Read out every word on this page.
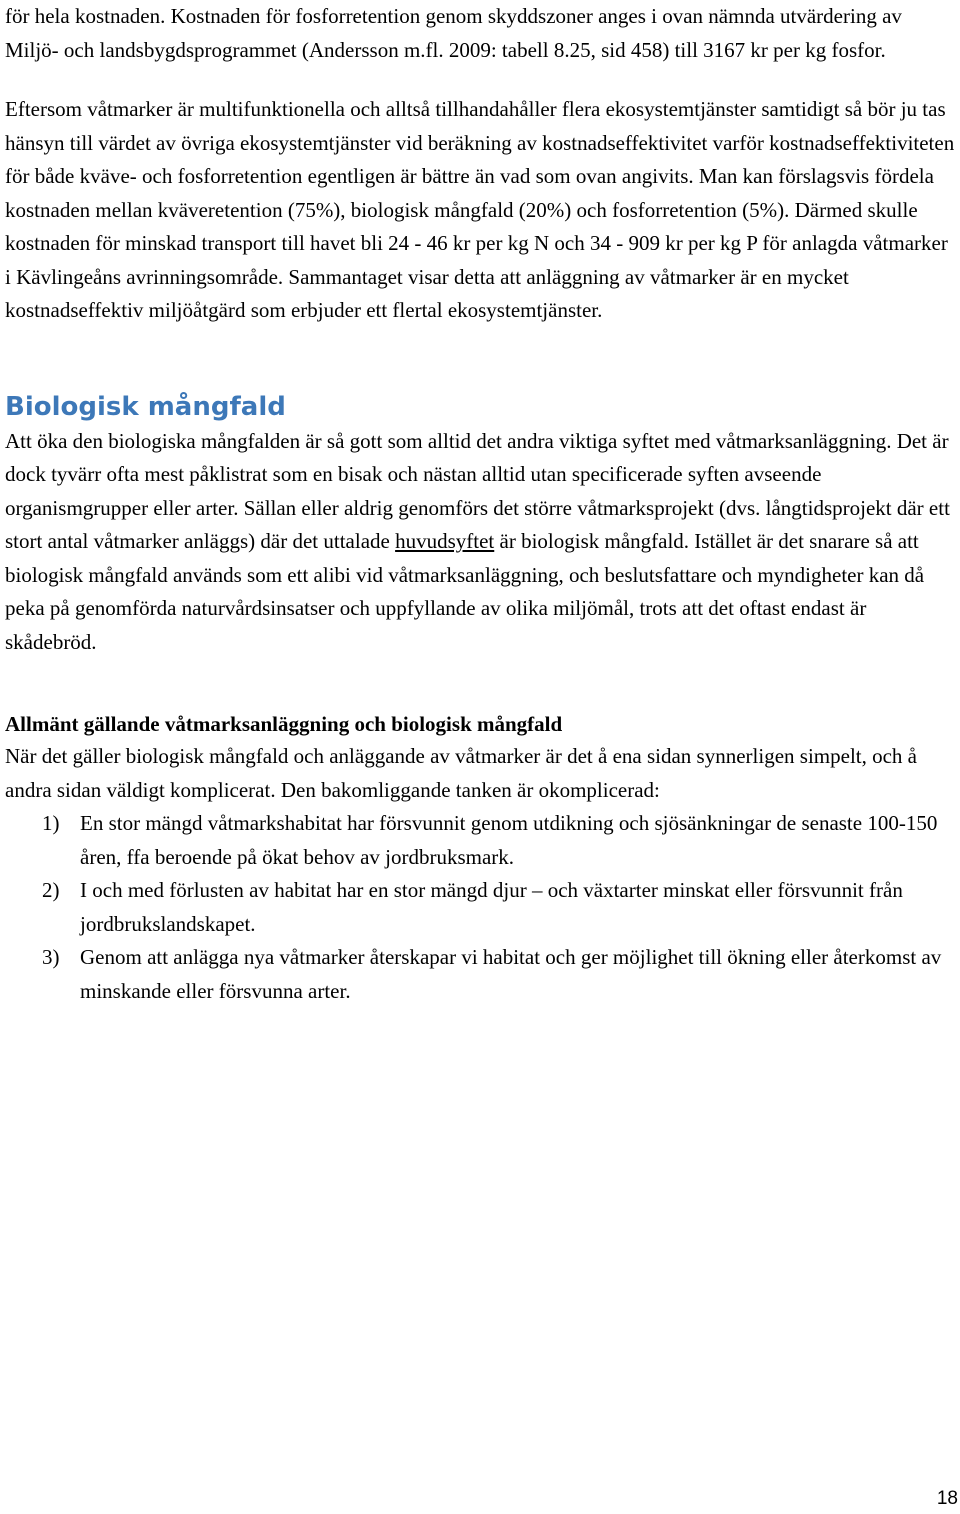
för hela kostnaden. Kostnaden för fosforretention genom skyddszoner anges i ovan nämnda utvärdering av Miljö- och landsbygdsprogrammet (Andersson m.fl. 2009: tabell 8.25, sid 458) till 3167 kr per kg fosfor.

Eftersom våtmarker är multifunktionella och alltså tillhandahåller flera ekosystemtjänster samtidigt så bör ju tas hänsyn till värdet av övriga ekosystemtjänster vid beräkning av kostnadseffektivitet varför kostnadseffektiviteten för både kväve- och fosforretention egentligen är bättre än vad som ovan angivits. Man kan förslagsvis fördela kostnaden mellan kväveretention (75%), biologisk mångfald (20%) och fosforretention (5%). Därmed skulle kostnaden för minskad transport till havet bli 24 - 46 kr per kg N och 34 - 909 kr per kg P för anlagda våtmarker i Kävlingeåns avrinningsområde. Sammantaget visar detta att anläggning av våtmarker är en mycket kostnadseffektiv miljöåtgärd som erbjuder ett flertal ekosystemtjänster.

Biologisk mångfald

Att öka den biologiska mångfalden är så gott som alltid det andra viktiga syftet med våtmarksanläggning. Det är dock tyvärr ofta mest påklistrat som en bisak och nästan alltid utan specificerade syften avseende organismgrupper eller arter. Sällan eller aldrig genomförs det större våtmarksprojekt (dvs. långtidsprojekt där ett stort antal våtmarker anläggs) där det uttalade huvudsyftet är biologisk mångfald. Istället är det snarare så att biologisk mångfald används som ett alibi vid våtmarksanläggning, och beslutsfattare och myndigheter kan då peka på genomförda naturvårdsinsatser och uppfyllande av olika miljömål, trots att det oftast endast är skådebröd.

Allmänt gällande våtmarksanläggning och biologisk mångfald

När det gäller biologisk mångfald och anläggande av våtmarker är det å ena sidan synnerligen simpelt, och å andra sidan väldigt komplicerat. Den bakomliggande tanken är okomplicerad:

1) En stor mängd våtmarkshabitat har försvunnit genom utdikning och sjösänkningar de senaste 100-150 åren, ffa beroende på ökat behov av jordbruksmark.
2) I och med förlusten av habitat har en stor mängd djur – och växtarter minskat eller försvunnit från jordbrukslandskapet.
3) Genom att anlägga nya våtmarker återskapar vi habitat och ger möjlighet till ökning eller återkomst av minskande eller försvunna arter.
18
